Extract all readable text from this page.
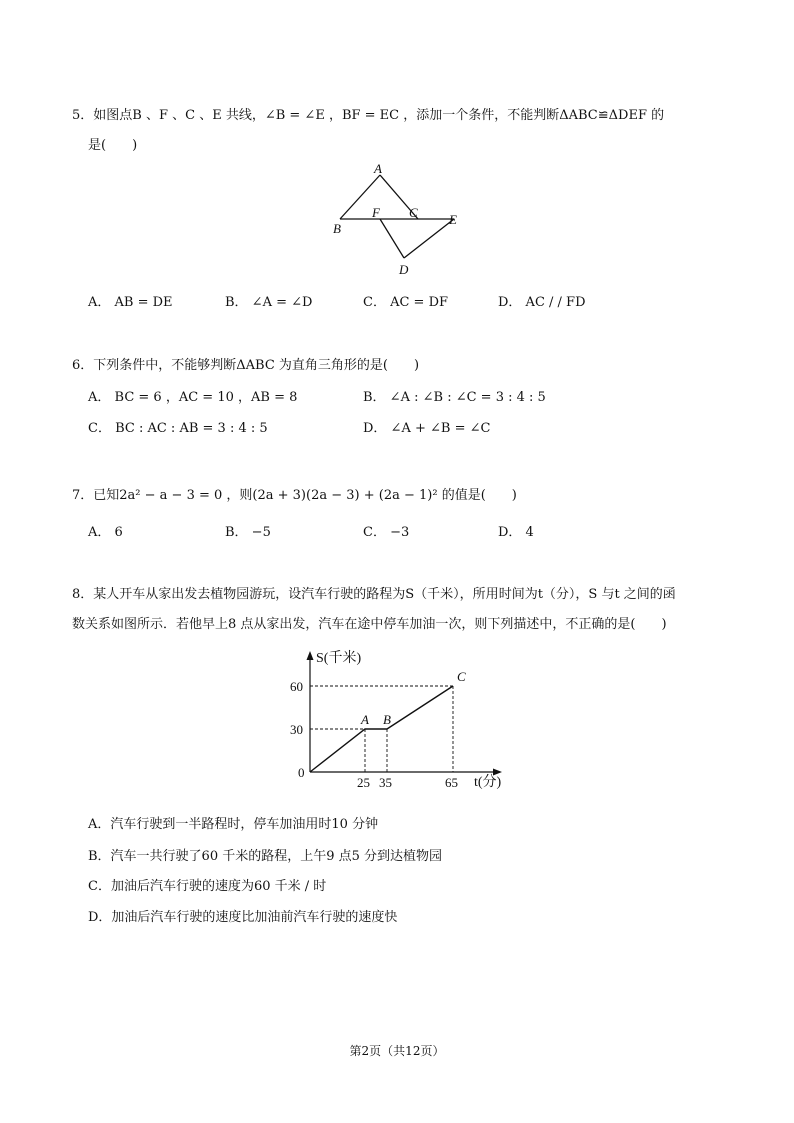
5．如图点B 、F 、C 、E 共线，∠B = ∠E ，BF = EC ，添加一个条件，不能判断ΔABC≌ΔDEF 的
是(　　)
A
B
F C E
D
A． AB = DE	B． ∠A = ∠D	C． AC = DF	D． AC / / FD
6．下列条件中，不能够判断ΔABC 为直角三角形的是(　　)
A． BC = 6 ，AC = 10 ，AB = 8	B． ∠A : ∠B : ∠C = 3 : 4 : 5
C． BC : AC : AB = 3 : 4 : 5	D． ∠A + ∠B = ∠C
7．已知2a² − a − 3 = 0 ，则(2a + 3)(2a − 3) + (2a − 1)² 的值是(　　)
A． 6	B． −5	C． −3	D． 4
8．某人开车从家出发去植物园游玩，设汽车行驶的路程为S（千米），所用时间为t（分），S 与t 之间的函
数关系如图所示．若他早上8 点从家出发，汽车在途中停车加油一次，则下列描述中，不正确的是(　　)
A B
C
25 35	65
0
30
60
S(千米)
t(分)
A．汽车行驶到一半路程时，停车加油用时10 分钟
B．汽车一共行驶了60 千米的路程，上午9 点5 分到达植物园
C．加油后汽车行驶的速度为60 千米 / 时
D．加油后汽车行驶的速度比加油前汽车行驶的速度快
第2页（共12页）
